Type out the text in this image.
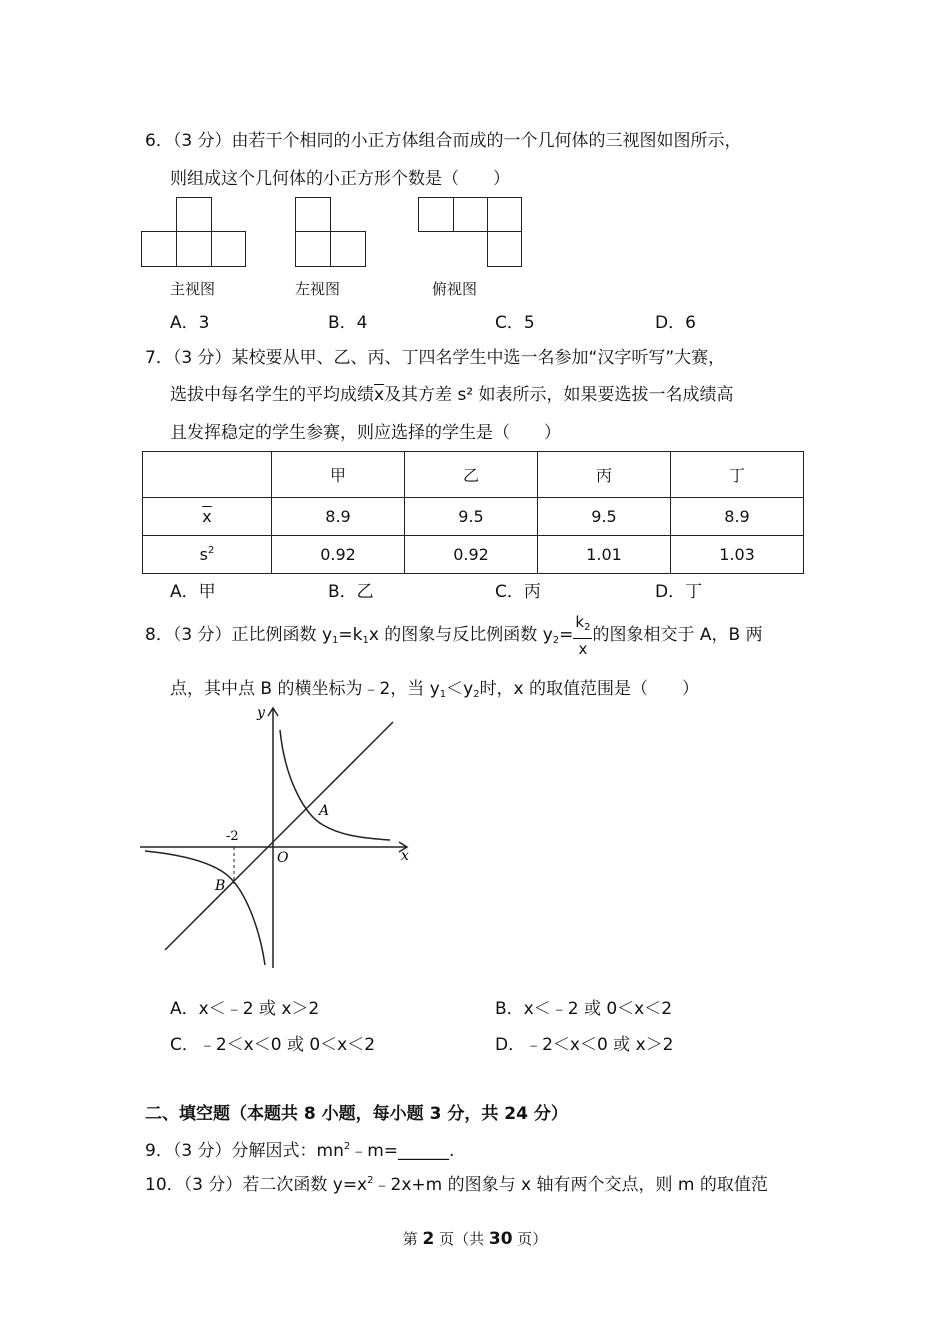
6．（3 分）由若干个相同的小正方体组合而成的一个几何体的三视图如图所示，
则组成这个几何体的小正方形个数是（　　）
主视图	左视图	俯视图
A．3	B．4	C．5	D．6
7．（3 分）某校要从甲、乙、丙、丁四名学生中选一名参加“汉字听写”大赛，
选拔中每名学生的平均成绩$\overline{x}$及其方差 s² 如表所示，如果要选拔一名成绩高
且发挥稳定的学生参赛，则应选择的学生是（　　）
	甲	乙	丙	丁
$\overline{x}$	8.9	9.5	9.5	8.9
$s^2$	0.92	0.92	1.01	1.03
A．甲	B．乙	C．丙	D．丁
8．（3 分）正比例函数 $y_1=k_1x$ 的图象与反比例函数 $y_2= \frac{k_2}{x}$ 的图象相交于 A，B 两
点，其中点 B 的横坐标为﹣2，当 $y_1<y_2$时，x 的取值范围是（　　）
y
x
O
A
B
-2
A．x＜﹣2 或 x＞2	B．x＜﹣2 或 0＜x＜2
C．﹣2＜x＜0 或 0＜x＜2	D．﹣2＜x＜0 或 x＞2
二、填空题（本题共 8 小题，每小题 3 分，共 24 分）
9．（3 分）分解因式：$mn^2﹣m=\_\_\_\_\_\_$.
10．（3 分）若二次函数 $y=x^2﹣2x+m$ 的图象与 x 轴有两个交点，则 m 的取值范
第 2 页（共 30 页）
